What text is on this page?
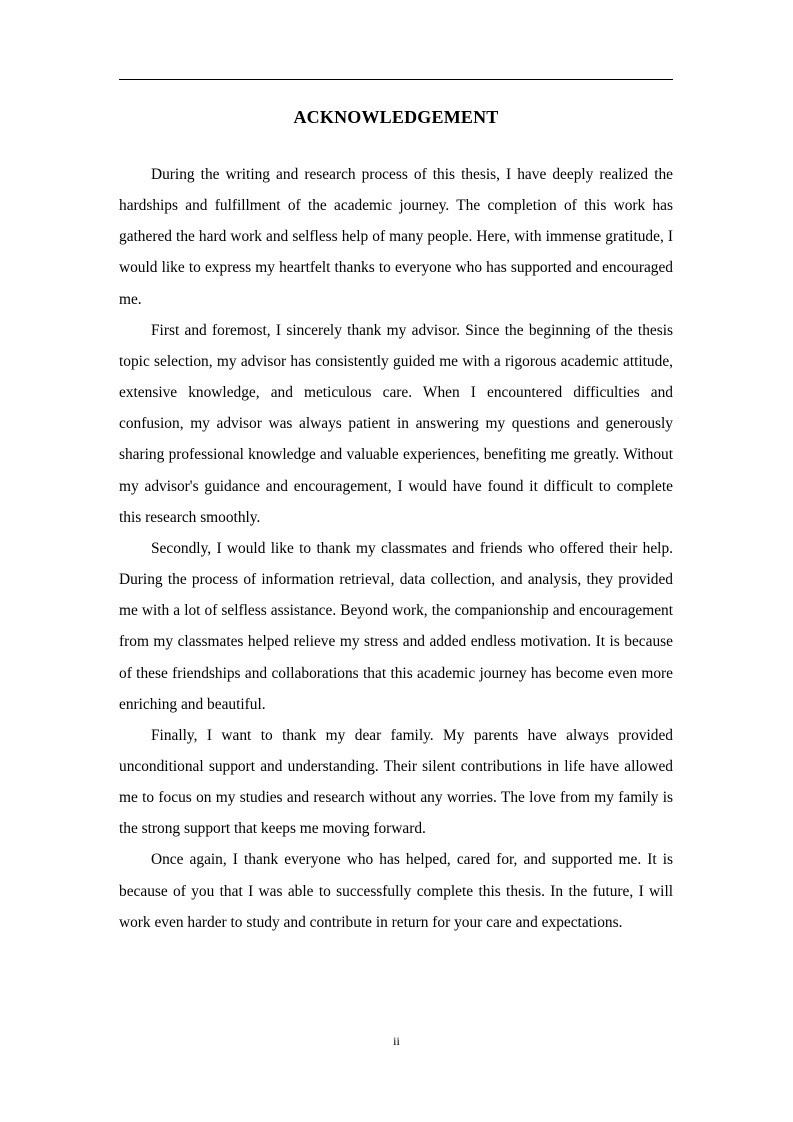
ACKNOWLEDGEMENT

During the writing and research process of this thesis, I have deeply realized the hardships and fulfillment of the academic journey. The completion of this work has gathered the hard work and selfless help of many people. Here, with immense gratitude, I would like to express my heartfelt thanks to everyone who has supported and encouraged me.

First and foremost, I sincerely thank my advisor. Since the beginning of the thesis topic selection, my advisor has consistently guided me with a rigorous academic attitude, extensive knowledge, and meticulous care. When I encountered difficulties and confusion, my advisor was always patient in answering my questions and generously sharing professional knowledge and valuable experiences, benefiting me greatly. Without my advisor's guidance and encouragement, I would have found it difficult to complete this research smoothly.

Secondly, I would like to thank my classmates and friends who offered their help. During the process of information retrieval, data collection, and analysis, they provided me with a lot of selfless assistance. Beyond work, the companionship and encouragement from my classmates helped relieve my stress and added endless motivation. It is because of these friendships and collaborations that this academic journey has become even more enriching and beautiful.

Finally, I want to thank my dear family. My parents have always provided unconditional support and understanding. Their silent contributions in life have allowed me to focus on my studies and research without any worries. The love from my family is the strong support that keeps me moving forward.

Once again, I thank everyone who has helped, cared for, and supported me. It is because of you that I was able to successfully complete this thesis. In the future, I will work even harder to study and contribute in return for your care and expectations.

ii
